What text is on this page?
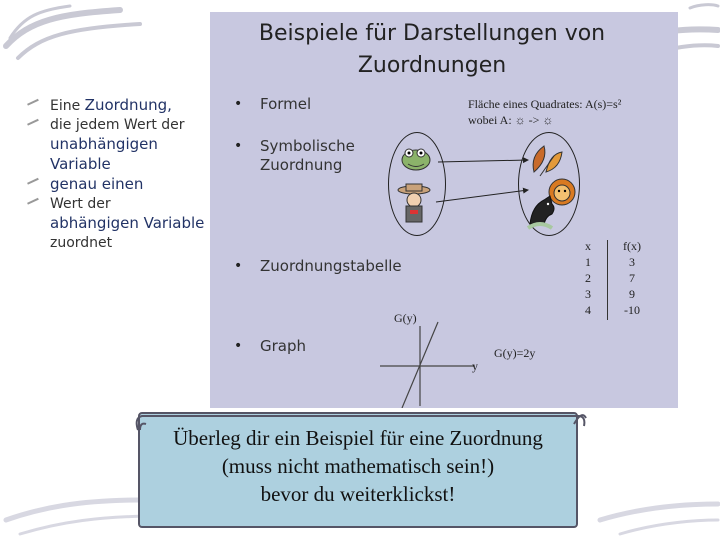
Beispiele für Darstellungen von Zuordnungen
Eine Zuordnung,
die jedem Wert der
unabhängigen Variable
genau einen
Wert der
abhängigen Variable zuordnet
• Formel
• Symbolische Zuordnung
• Zuordnungstabelle
• Graph
Fläche eines Quadrates: A(s)=s²
wobei A: ☼ -> ☼
x
1
2
3
4
f(x)
3
7
9
-10
G(y)
y
G(y)=2y
Überleg dir ein Beispiel für eine Zuordnung
(muss nicht mathematisch sein!)
bevor du weiterklickst!
